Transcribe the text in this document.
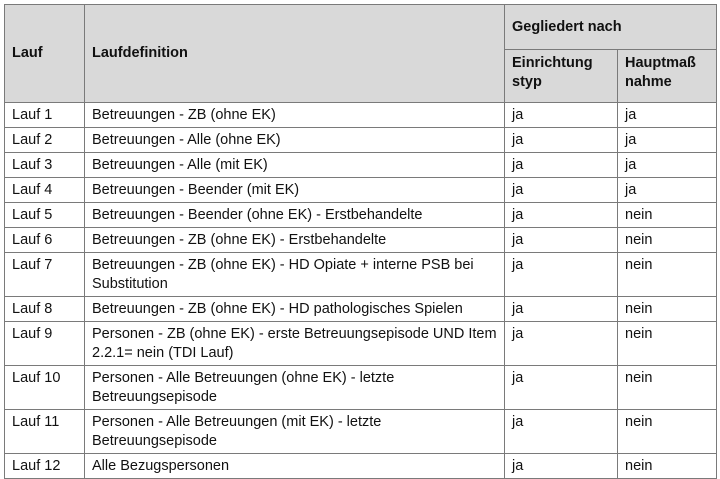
Lauf	Laufdefinition	Gegliedert nach	
		Einrichtung styp	Hauptmaß nahme
Lauf 1	Betreuungen - ZB (ohne EK)	ja	ja
Lauf 2	Betreuungen - Alle (ohne EK)	ja	ja
Lauf 3	Betreuungen - Alle (mit EK)	ja	ja
Lauf 4	Betreuungen - Beender (mit EK)	ja	ja
Lauf 5	Betreuungen - Beender (ohne EK) - Erstbehandelte	ja	nein
Lauf 6	Betreuungen - ZB (ohne EK) - Erstbehandelte	ja	nein
Lauf 7	Betreuungen - ZB (ohne EK) - HD Opiate + interne PSB bei Substitution	ja	nein
Lauf 8	Betreuungen - ZB (ohne EK) - HD pathologisches Spielen	ja	nein
Lauf 9	Personen - ZB (ohne EK) - erste Betreuungsepisode UND Item 2.2.1= nein (TDI Lauf)	ja	nein
Lauf 10	Personen - Alle Betreuungen (ohne EK) - letzte Betreuungsepisode	ja	nein
Lauf 11	Personen - Alle Betreuungen (mit EK) - letzte Betreuungsepisode	ja	nein
Lauf 12	Alle Bezugspersonen	ja	nein
